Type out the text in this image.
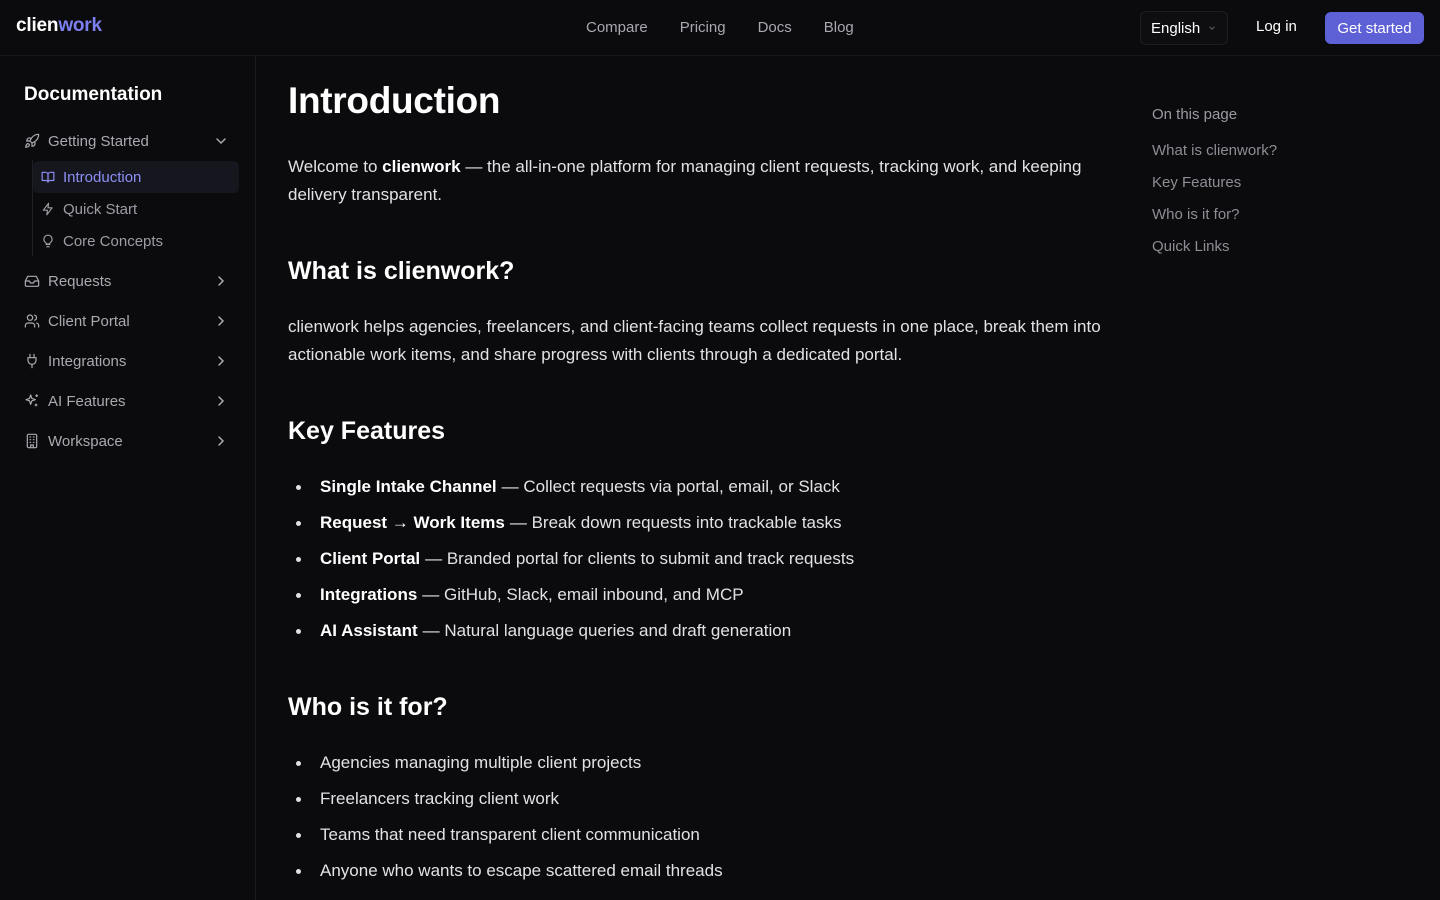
clienwork	Compare Pricing Docs Blog	English	Log in	Get started
Documentation
Getting Started
Introduction
Quick Start
Core Concepts
Requests
Client Portal
Integrations
AI Features
Workspace
Introduction

Welcome to clienwork — the all-in-one platform for managing client requests, tracking work, and keeping delivery transparent.

What is clienwork?

clienwork helps agencies, freelancers, and client-facing teams collect requests in one place, break them into actionable work items, and share progress with clients through a dedicated portal.

Key Features
Single Intake Channel — Collect requests via portal, email, or Slack
Request → Work Items — Break down requests into trackable tasks
Client Portal — Branded portal for clients to submit and track requests
Integrations — GitHub, Slack, email inbound, and MCP
AI Assistant — Natural language queries and draft generation
Who is it for?
Agencies managing multiple client projects
Freelancers tracking client work
Teams that need transparent client communication
Anyone who wants to escape scattered email threads
On this page
What is clienwork?
Key Features
Who is it for?
Quick Links
